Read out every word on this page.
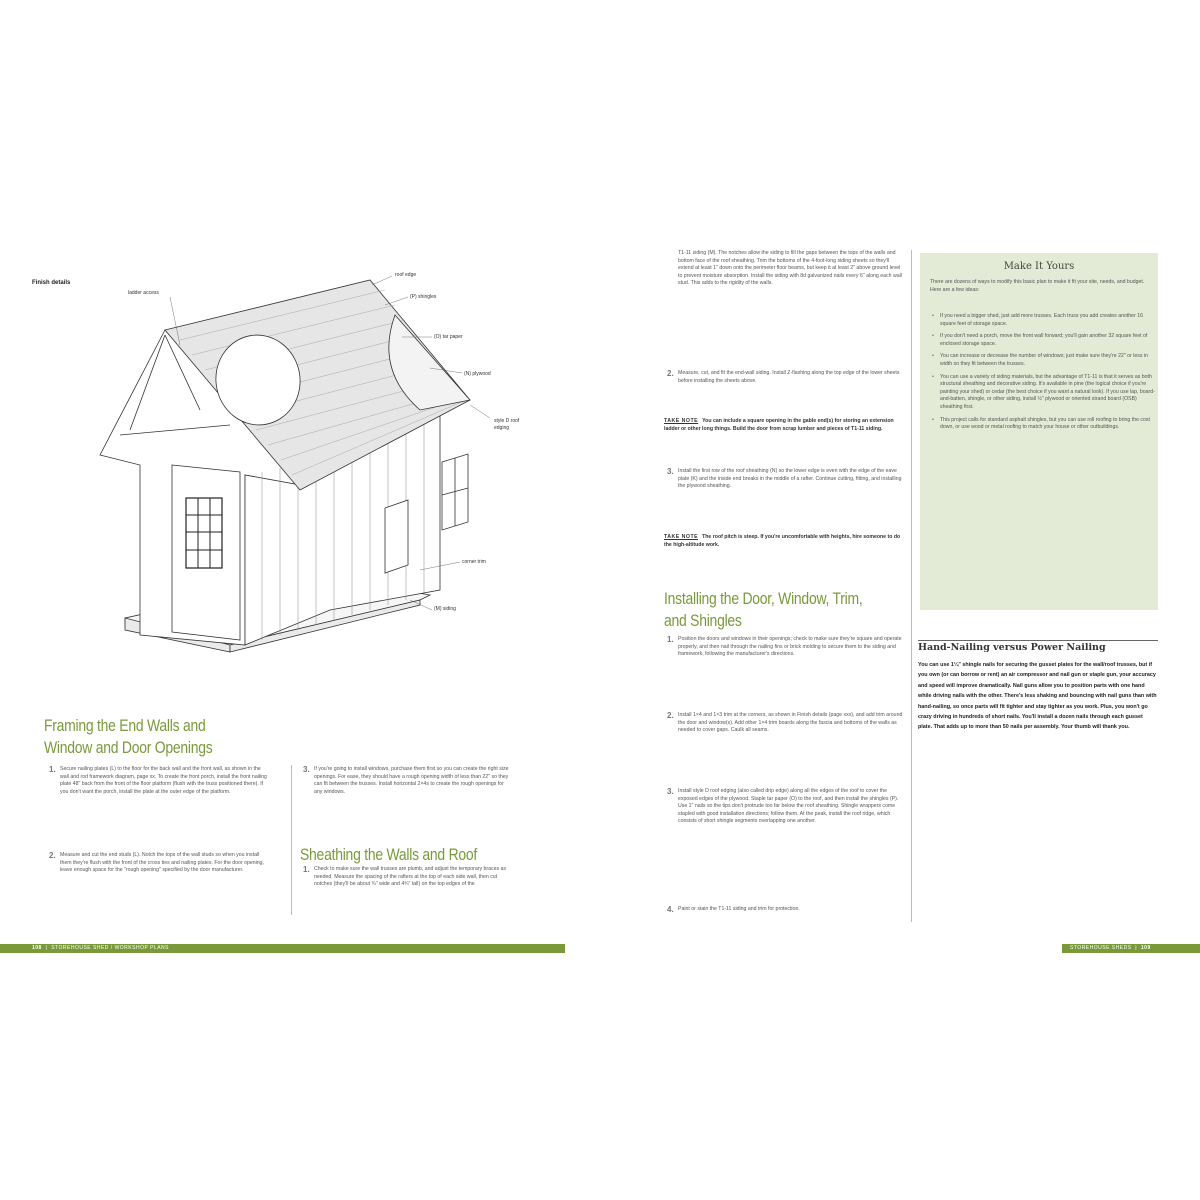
Finish details
ladder access
roof edge
(P) shingles
(O) tar paper
(N) plywood
style D roof edging
corner trim
(M) siding
Framing the End Walls and
Window and Door Openings
1. Secure nailing plates (L) to the floor for the back wall and the front wall, as shown in the wall and rod framework diagram, page xx. To create the front porch, install the front nailing plate 48" back from the front of the floor platform (flush with the truss positioned there). If you don't want the porch, install the plate at the outer edge of the platform.
2. Measure and cut the end studs (L). Notch the tops of the wall studs so when you install them they're flush with the front of the cross ties and nailing plates. For the door opening, leave enough space for the "rough opening" specified by the door manufacturer.
3. If you're going to install windows, purchase them first so you can create the right size openings. For ease, they should have a rough opening width of less than 22" so they can fit between the trusses. Install horizontal 2×4s to create the rough openings for any windows.
Sheathing the Walls and Roof
1. Check to make sure the wall trusses are plumb, and adjust the temporary braces as needed. Measure the spacing of the rafters at the top of each side wall, then cut notches (they'll be about ¾" wide and 4¾" tall) on the top edges of the
108  |  STOREHOUSE SHED / WORKSHOP PLANS
T1-11 siding (M). The notches allow the siding to fill the gaps between the tops of the walls and bottom face of the roof sheathing. Trim the bottoms of the 4-foot-long siding sheets so they'll extend at least 1" down onto the perimeter floor beams, but keep it at least 2" above ground level to prevent moisture absorption. Install the siding with 8d galvanized nails every 6" along each wall stud. This adds to the rigidity of the walls.
2. Measure, cut, and fit the end-wall siding. Install Z-flashing along the top edge of the lower sheets before installing the sheets above.
TAKE NOTE You can include a square opening in the gable end(s) for storing an extension ladder or other long things. Build the door from scrap lumber and pieces of T1-11 siding.
3. Install the first row of the roof sheathing (N) so the lower edge is even with the edge of the eave plate (K) and the inside end breaks in the middle of a rafter. Continue cutting, fitting, and installing the plywood sheathing.
TAKE NOTE The roof pitch is steep. If you're uncomfortable with heights, hire someone to do the high-altitude work.
Installing the Door, Window, Trim,
and Shingles
1. Position the doors and windows in their openings; check to make sure they're square and operate properly, and then nail through the nailing fins or brick molding to secure them to the siding and framework, following the manufacturer's directions.
2. Install 1×4 and 1×3 trim at the corners, as shown in Finish details (page xxx), and add trim around the door and window(s). Add other 1×4 trim boards along the fascia and bottoms of the walls as needed to cover gaps. Caulk all seams.
3. Install style D roof edging (also called drip edge) along all the edges of the roof to cover the exposed edges of the plywood. Staple tar paper (O) to the roof, and then install the shingles (P). Use 1" nails so the tips don't protrude too far below the roof sheathing. Shingle wrappers come stapled with good installation directions; follow them. At the peak, install the roof ridge, which consists of short shingle segments overlapping one another.
4. Paint or stain the T1-11 siding and trim for protection.
Make It Yours
There are dozens of ways to modify this basic plan to make it fit your site, needs, and budget. Here are a few ideas:
• If you need a bigger shed, just add more trusses. Each truss you add creates another 16 square feet of storage space.
• If you don't need a porch, move the front wall forward; you'll gain another 32 square feet of enclosed storage space.
• You can increase or decrease the number of windows; just make sure they're 22" or less in width so they fit between the trusses.
• You can use a variety of siding materials, but the advantage of T1-11 is that it serves as both structural sheathing and decorative siding. It's available in pine (the logical choice if you're painting your shed) or cedar (the best choice if you want a natural look). If you use lap, board-and-batten, shingle, or other siding, install ½" plywood or oriented strand board (OSB) sheathing first.
• This project calls for standard asphalt shingles, but you can use roll roofing to bring the cost down, or use wood or metal roofing to match your house or other outbuildings.
Hand-Nailing versus Power Nailing
You can use 1¼" shingle nails for securing the gusset plates for the wall/roof trusses, but if you own (or can borrow or rent) an air compressor and nail gun or staple gun, your accuracy and speed will improve dramatically. Nail guns allow you to position parts with one hand while driving nails with the other. There's less shaking and bouncing with nail guns than with hand-nailing, so once parts will fit tighter and stay tighter as you work. Plus, you won't go crazy driving in hundreds of short nails. You'll install a dozen nails through each gusset plate. That adds up to more than 50 nails per assembly. Your thumb will thank you.
STOREHOUSE SHEDS  |  109
